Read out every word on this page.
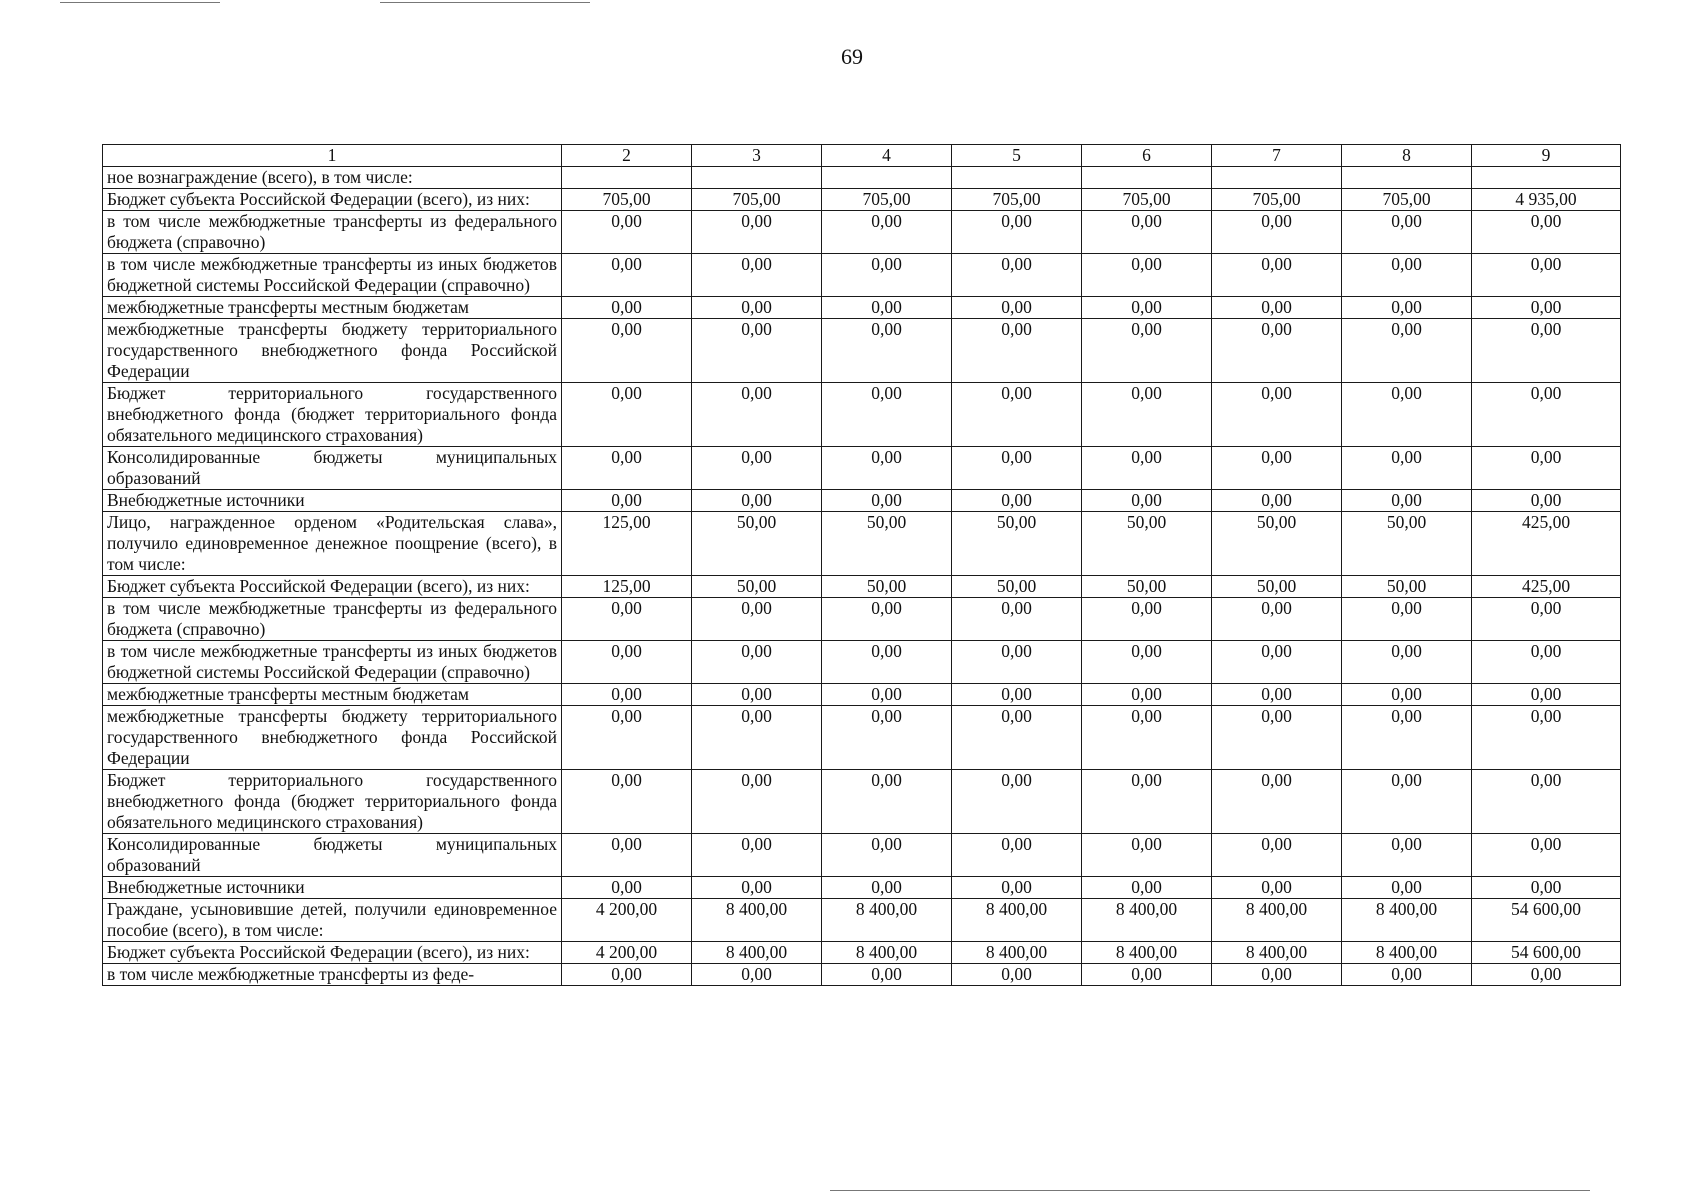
69
1	2	3	4	5	6	7	8	9
ное вознаграждение (всего), в том числе:								
Бюджет субъекта Российской Федерации (всего), из них:	705,00	705,00	705,00	705,00	705,00	705,00	705,00	4 935,00
в том числе межбюджетные трансферты из федерального бюджета (справочно)	0,00	0,00	0,00	0,00	0,00	0,00	0,00	0,00
в том числе межбюджетные трансферты из иных бюджетов бюджетной системы Российской Федерации (справочно)	0,00	0,00	0,00	0,00	0,00	0,00	0,00	0,00
межбюджетные трансферты местным бюджетам	0,00	0,00	0,00	0,00	0,00	0,00	0,00	0,00
межбюджетные трансферты бюджету территориального государственного внебюджетного фонда Российской Федерации	0,00	0,00	0,00	0,00	0,00	0,00	0,00	0,00
Бюджет территориального государственного внебюджетного фонда (бюджет территориального фонда обязательного медицинского страхования)	0,00	0,00	0,00	0,00	0,00	0,00	0,00	0,00
Консолидированные бюджеты муниципальных образований	0,00	0,00	0,00	0,00	0,00	0,00	0,00	0,00
Внебюджетные источники	0,00	0,00	0,00	0,00	0,00	0,00	0,00	0,00
Лицо, награжденное орденом «Родительская слава», получило единовременное денежное поощрение (всего), в том числе:	125,00	50,00	50,00	50,00	50,00	50,00	50,00	425,00
Бюджет субъекта Российской Федерации (всего), из них:	125,00	50,00	50,00	50,00	50,00	50,00	50,00	425,00
в том числе межбюджетные трансферты из федерального бюджета (справочно)	0,00	0,00	0,00	0,00	0,00	0,00	0,00	0,00
в том числе межбюджетные трансферты из иных бюджетов бюджетной системы Российской Федерации (справочно)	0,00	0,00	0,00	0,00	0,00	0,00	0,00	0,00
межбюджетные трансферты местным бюджетам	0,00	0,00	0,00	0,00	0,00	0,00	0,00	0,00
межбюджетные трансферты бюджету территориального государственного внебюджетного фонда Российской Федерации	0,00	0,00	0,00	0,00	0,00	0,00	0,00	0,00
Бюджет территориального государственного внебюджетного фонда (бюджет территориального фонда обязательного медицинского страхования)	0,00	0,00	0,00	0,00	0,00	0,00	0,00	0,00
Консолидированные бюджеты муниципальных образований	0,00	0,00	0,00	0,00	0,00	0,00	0,00	0,00
Внебюджетные источники	0,00	0,00	0,00	0,00	0,00	0,00	0,00	0,00
Граждане, усыновившие детей, получили единовременное пособие (всего), в том числе:	4 200,00	8 400,00	8 400,00	8 400,00	8 400,00	8 400,00	8 400,00	54 600,00
Бюджет субъекта Российской Федерации (всего), из них:	4 200,00	8 400,00	8 400,00	8 400,00	8 400,00	8 400,00	8 400,00	54 600,00
в том числе межбюджетные трансферты из феде-	0,00	0,00	0,00	0,00	0,00	0,00	0,00	0,00
